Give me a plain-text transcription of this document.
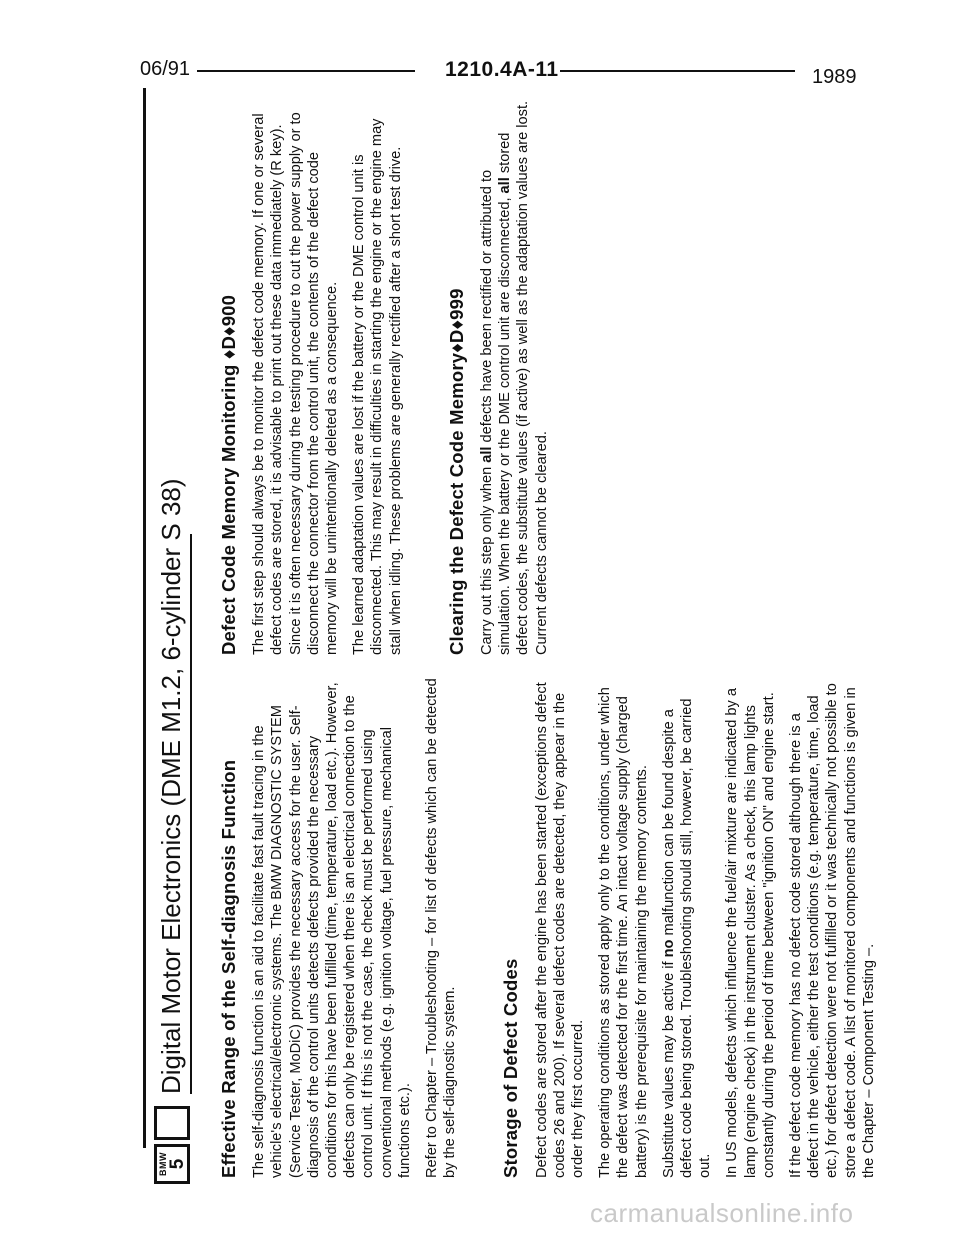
06/91	1210.4A-11	1989
BMW 5
Digital Motor Electronics (DME M1.2, 6-cylinder S 38) Effective Range of the Self-diagnosis Function The self-diagnosis function is an aid to facilitate fast fault tracing in the vehicle's electrical/electronic systems. The BMW DIAGNOSTIC SYSTEM (Service Tester, MoDiC) provides the necessary access for the user. Self-diagnosis of the control units detects defects provided the necessary conditions for this have been fulfilled (time, temperature, load etc.). However, defects can only be registered when there is an electrical connection to the control unit. If this is not the case, the check must be performed using conventional methods (e.g. ignition voltage, fuel pressure, mechanical functions etc.). Refer to Chapter – Troubleshooting – for list of defects which can be detected by the self-diagnostic system. Storage of Defect Codes Defect codes are stored after the engine has been started (exceptions defect codes 26 and 200). If several defect codes are detected, they appear in the order they first occurred. The operating conditions as stored apply only to the conditions, under which the defect was detected for the first time. An intact voltage supply (charged battery) is the prerequisite for maintaining the memory contents. Substitute values may be active if no malfunction can be found despite a defect code being stored. Troubleshooting should still, however, be carried out. In US models, defects which influence the fuel/air mixture are indicated by a lamp (engine check) in the instrument cluster. As a check, this lamp lights constantly during the period of time between "ignition ON" and engine start. If the defect code memory has no defect code stored although there is a defect in the vehicle, either the test conditions (e.g. temperature, time, load etc.) for defect detection were not fulfilled or it was technically not possible to store a defect code. A list of monitored components and functions is given in the Chapter – Component Testing –.

Defect Code Memory Monitoring ♦D♦900 The first step should always be to monitor the defect code memory. If one or several defect codes are stored, it is advisable to print out these data immediately (R key). Since it is often necessary during the testing procedure to cut the power supply or to disconnect the connector from the control unit, the contents of the defect code memory will be unintentionally deleted as a consequence. The learned adaptation values are lost if the battery or the DME control unit is disconnected. This may result in difficulties in starting the engine or the engine may stall when idling. These problems are generally rectified after a short test drive. Clearing the Defect Code Memory♦D♦999 Carry out this step only when all defects have been rectified or attributed to simulation. When the battery or the DME control unit are disconnected, all stored defect codes, the substitute values (if active) as well as the adaptation values are lost. Current defects cannot be cleared.

carmanualsonline.info
